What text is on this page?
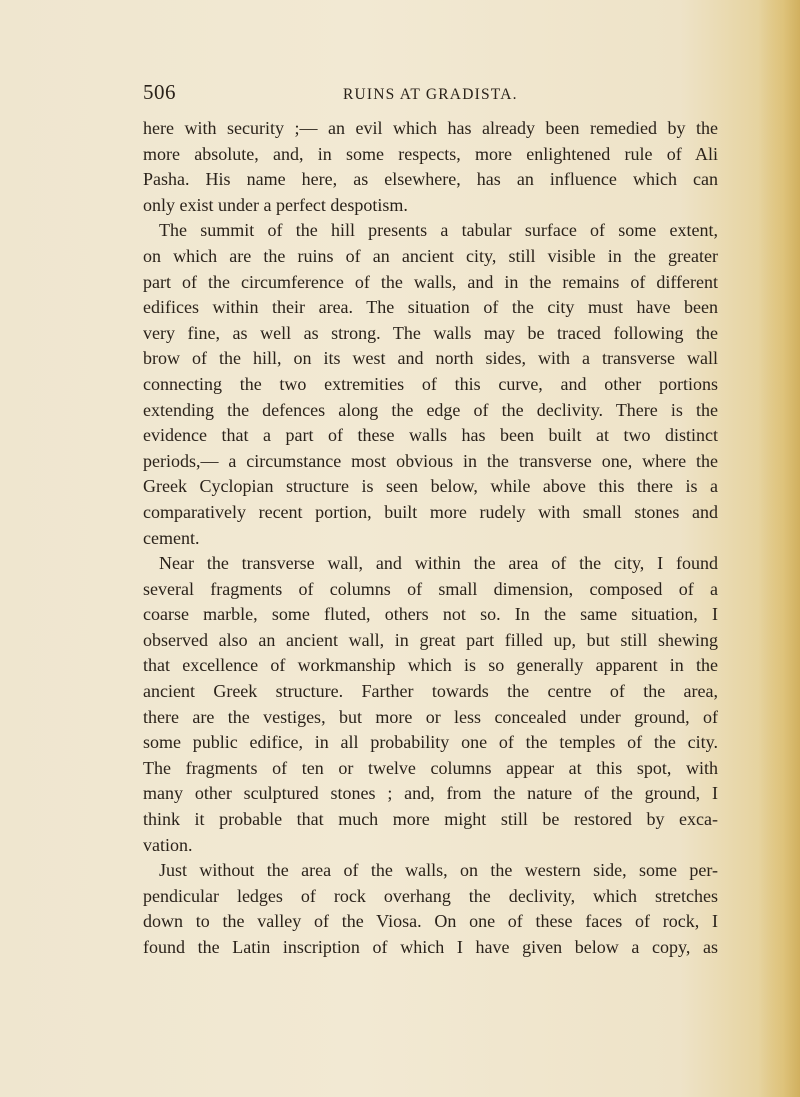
506	RUINS AT GRADISTA.
here with security ;— an evil which has already been remedied by the
more absolute, and, in some respects, more enlightened rule of Ali
Pasha. His name here, as elsewhere, has an influence which can
only exist under a perfect despotism.
The summit of the hill presents a tabular surface of some extent,
on which are the ruins of an ancient city, still visible in the greater
part of the circumference of the walls, and in the remains of different
edifices within their area. The situation of the city must have been
very fine, as well as strong. The walls may be traced following the
brow of the hill, on its west and north sides, with a transverse wall
connecting the two extremities of this curve, and other portions
extending the defences along the edge of the declivity. There is the
evidence that a part of these walls has been built at two distinct
periods,— a circumstance most obvious in the transverse one, where the
Greek Cyclopian structure is seen below, while above this there is a
comparatively recent portion, built more rudely with small stones and
cement.
Near the transverse wall, and within the area of the city, I found
several fragments of columns of small dimension, composed of a
coarse marble, some fluted, others not so. In the same situation, I
observed also an ancient wall, in great part filled up, but still shewing
that excellence of workmanship which is so generally apparent in the
ancient Greek structure. Farther towards the centre of the area,
there are the vestiges, but more or less concealed under ground, of
some public edifice, in all probability one of the temples of the city.
The fragments of ten or twelve columns appear at this spot, with
many other sculptured stones ; and, from the nature of the ground, I
think it probable that much more might still be restored by exca-
vation.
Just without the area of the walls, on the western side, some per-
pendicular ledges of rock overhang the declivity, which stretches
down to the valley of the Viosa. On one of these faces of rock, I
found the Latin inscription of which I have given below a copy, as
